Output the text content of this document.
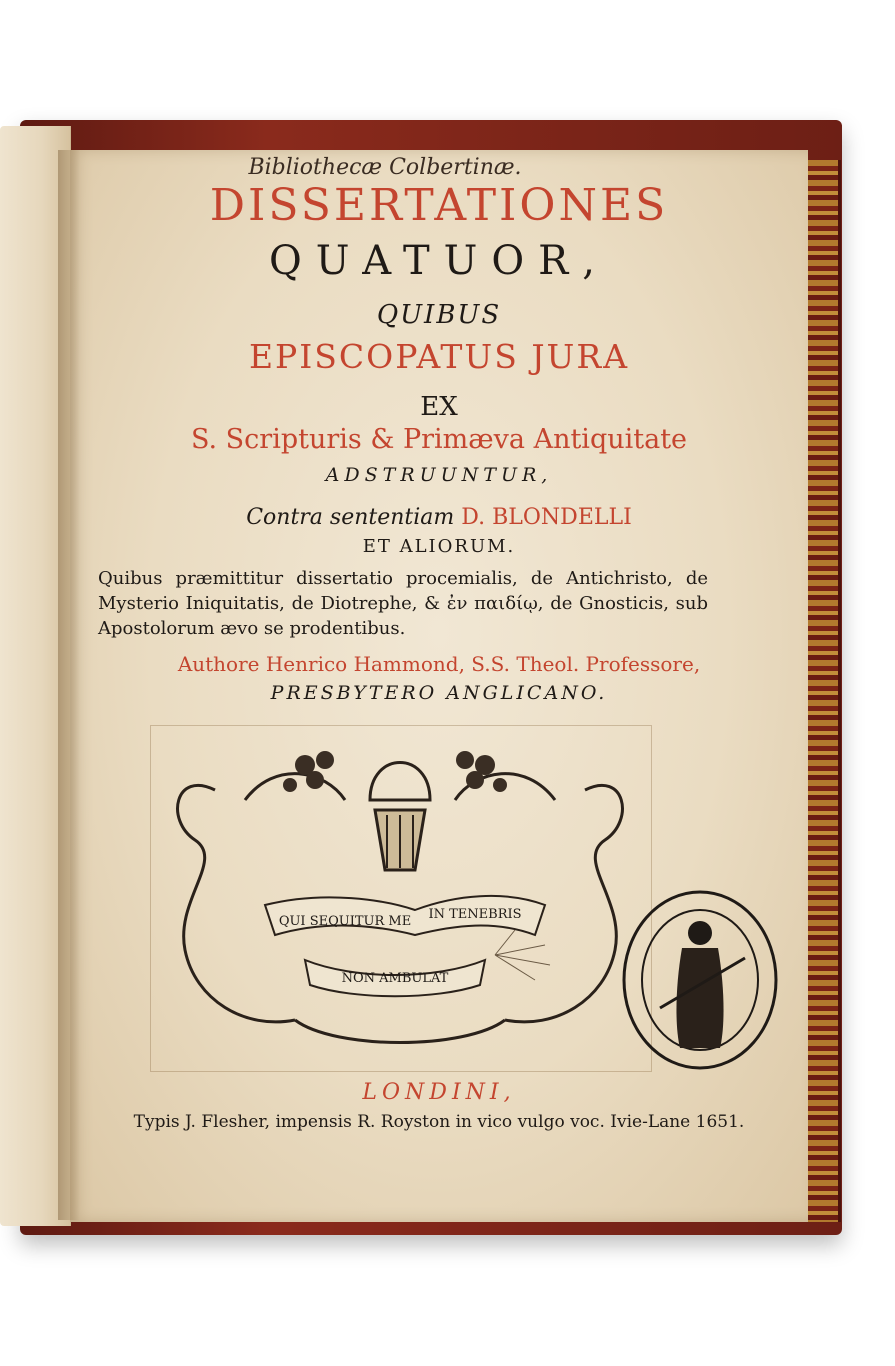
Bibliothecæ Colbertinæ.
DISSERTATIONES
QUATUOR,
QUIBUS
EPISCOPATUS JURA
EX
S. Scripturis & Primæva Antiquitate
ADSTRUUNTUR,
Contra sententiam D. BLONDELLI
ET ALIORUM.
Quibus præmittitur dissertatio procemialis, de Antichristo, de Mysterio Iniquitatis, de Diotrephe, & ἐν παιδίῳ, de Gnosticis, sub Apostolorum ævo se prodentibus.
Authore Henrico Hammond, S.S. Theol. Professore,
PRESBYTERO ANGLICANO.
QUI SEQUITUR ME IN TENEBRIS
NON AMBULAT
LONDINI,
Typis J. Flesher, impensis R. Royston in vico vulgo voc. Ivie-Lane 1651.
